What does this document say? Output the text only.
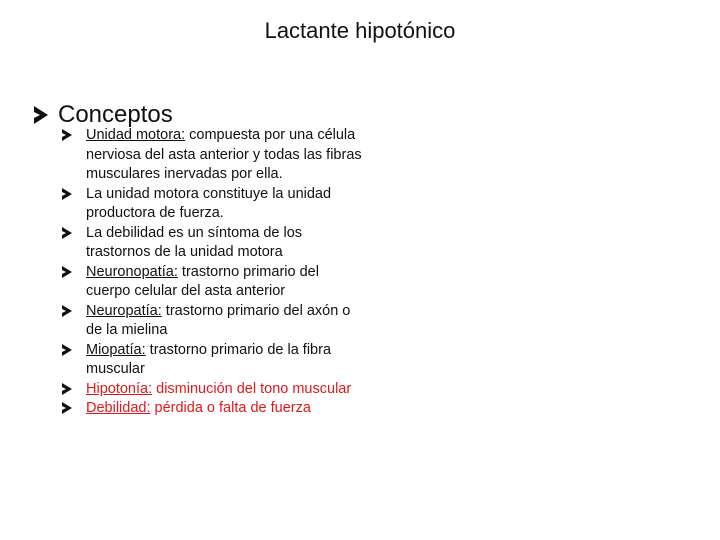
Lactante hipotónico
Conceptos
Unidad motora: compuesta por una célula nerviosa del asta anterior y todas las fibras musculares inervadas por ella.
La unidad motora constituye la unidad productora de fuerza.
La debilidad es un síntoma de los trastornos de la unidad motora
Neuronopatía: trastorno primario del cuerpo celular del asta anterior
Neuropatía: trastorno primario del axón o de la mielina
Miopatía: trastorno primario de la fibra muscular
Hipotonía: disminución del tono muscular
Debilidad: pérdida o falta de fuerza
